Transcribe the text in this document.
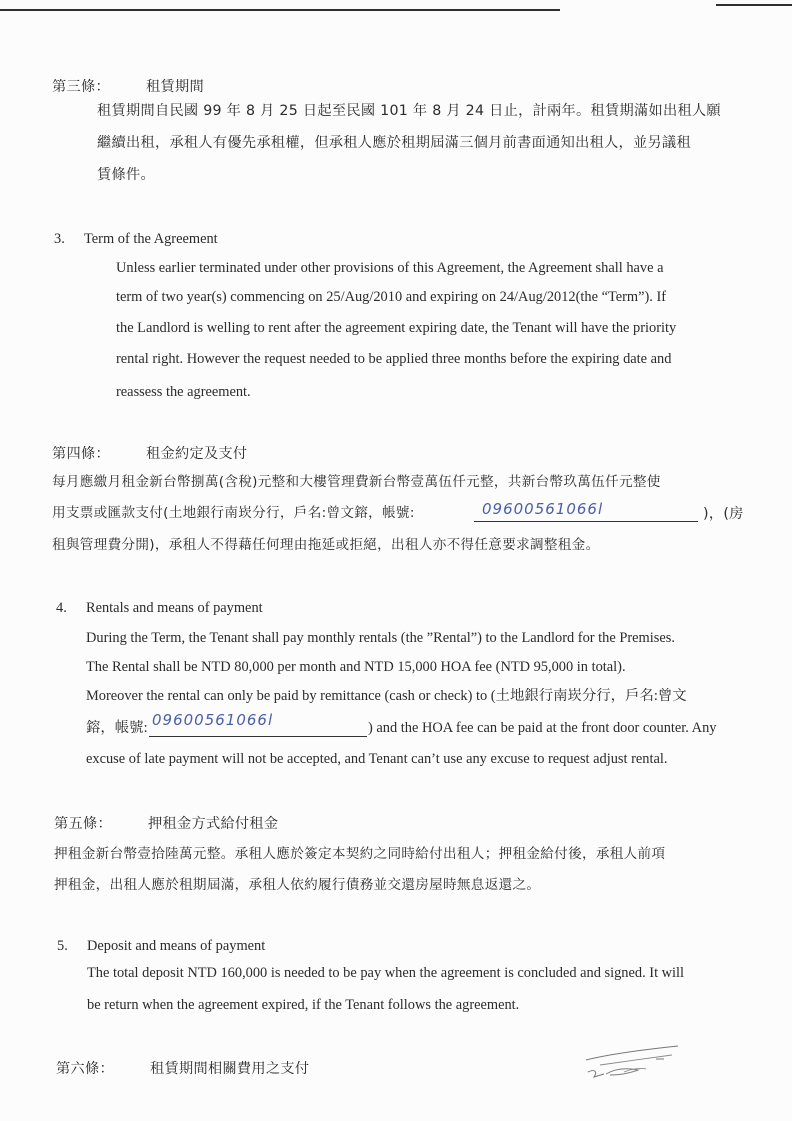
第三條：	租賃期間
租賃期間自民國 99 年 8 月 25 日起至民國 101 年 8 月 24 日止，計兩年。租賃期滿如出租人願
繼續出租，承租人有優先承租權，但承租人應於租期屆滿三個月前書面通知出租人，並另議租
賃條件。
3. Term of the Agreement
Unless earlier terminated under other provisions of this Agreement, the Agreement shall have a
term of two year(s) commencing on 25/Aug/2010 and expiring on 24/Aug/2012(the “Term”). If
the Landlord is welling to rent after the agreement expiring date, the Tenant will have the priority
rental right. However the request needed to be applied three months before the expiring date and
reassess the agreement.
第四條：	租金約定及支付
每月應繳月租金新台幣捌萬(含稅)元整和大樓管理費新台幣壹萬伍仟元整，共新台幣玖萬伍仟元整使
用支票或匯款支付(土地銀行南崁分行，戶名:曾文鎔，帳號:	09600561066l	)，(房
租與管理費分開)，承租人不得藉任何理由拖延或拒絕，出租人亦不得任意要求調整租金。
4. Rentals and means of payment
During the Term, the Tenant shall pay monthly rentals (the ”Rental”) to the Landlord for the Premises.
The Rental shall be NTD 80,000 per month and NTD 15,000 HOA fee (NTD 95,000 in total).
Moreover the rental can only be paid by remittance (cash or check) to (土地銀行南崁分行，戶名:曾文
鎔，帳號: 09600561066l	) and the HOA fee can be paid at the front door counter. Any
excuse of late payment will not be accepted, and Tenant can’t use any excuse to request adjust rental.
第五條：	押租金方式給付租金
押租金新台幣壹拾陸萬元整。承租人應於簽定本契約之同時給付出租人；押租金給付後，承租人前項
押租金，出租人應於租期屆滿，承租人依約履行債務並交還房屋時無息返還之。
5. Deposit and means of payment
The total deposit NTD 160,000 is needed to be pay when the agreement is concluded and signed. It will
be return when the agreement expired, if the Tenant follows the agreement.
第六條：	租賃期間相關費用之支付
